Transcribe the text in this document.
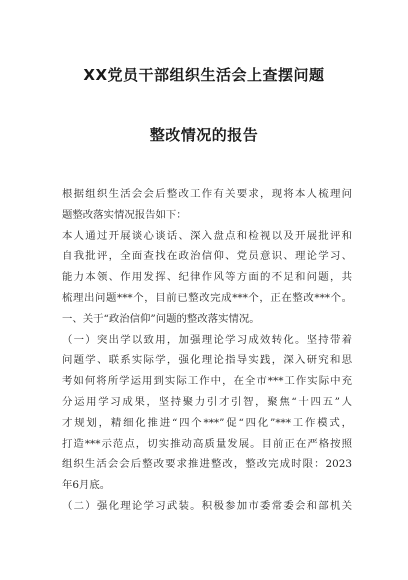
XX党员干部组织生活会上查摆问题
整改情况的报告
根据组织生活会会后整改工作有关要求，现将本人梳理问
题整改落实情况报告如下：
本人通过开展谈心谈话、深入盘点和检视以及开展批评和
自我批评，全面查找在政治信仰、党员意识、理论学习、
能力本领、作用发挥、纪律作风等方面的不足和问题，共
梳理出问题***个，目前已整改完成***个，正在整改***个。
一、关于“政治信仰”问题的整改落实情况。
（一）突出学以致用，加强理论学习成效转化。坚持带着
问题学、联系实际学，强化理论指导实践，深入研究和思
考如何将所学运用到实际工作中，在全市***工作实际中充
分运用学习成果，坚持聚力引才引智，聚焦“十四五”人
才规划，精细化推进“四个***”促“四化”***工作模式，
打造***示范点，切实推动高质量发展。目前正在严格按照
组织生活会会后整改要求推进整改，整改完成时限：2023
年6月底。
（二）强化理论学习武装。积极参加市委常委会和部机关
